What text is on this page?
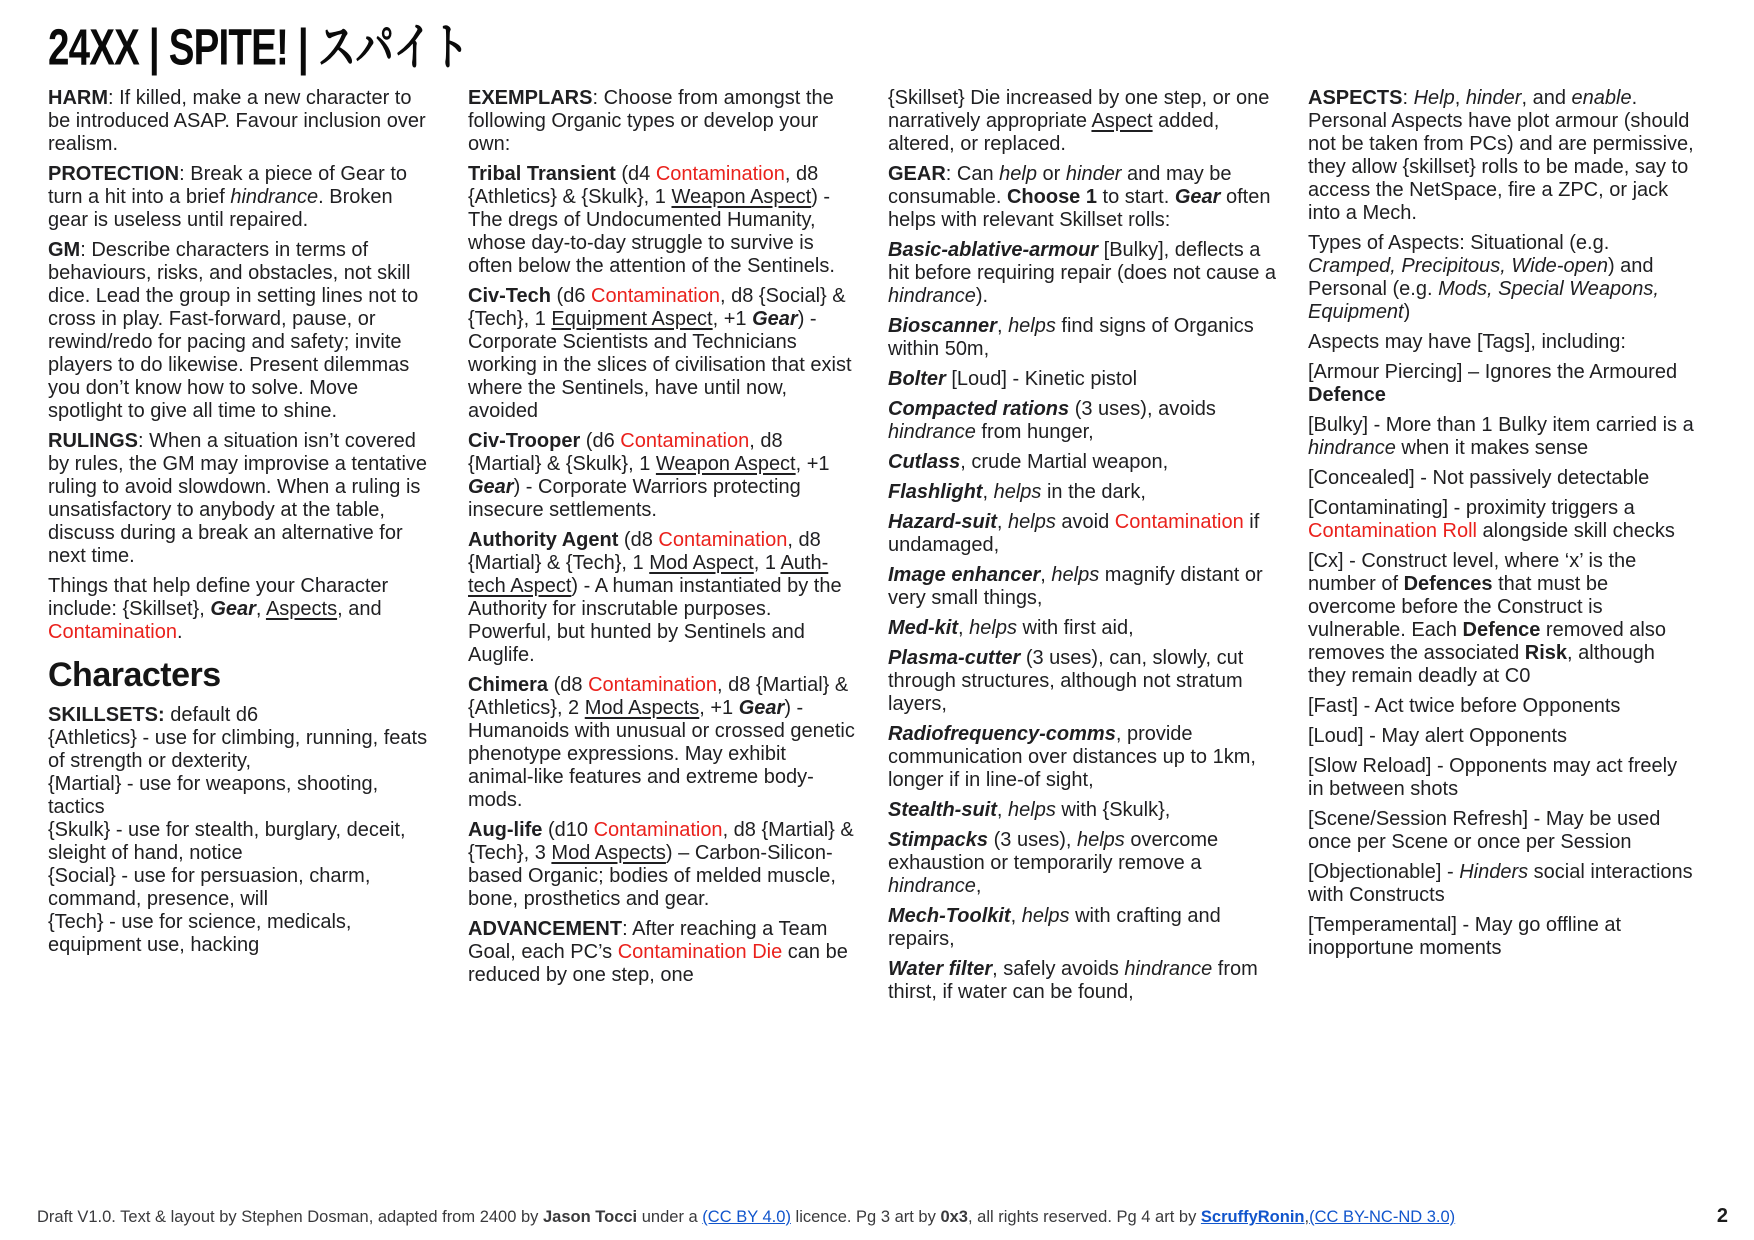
24XX | SPITE! | スパイト
HARM: If killed, make a new character to be introduced ASAP. Favour inclusion over realism.
PROTECTION: Break a piece of Gear to turn a hit into a brief hindrance. Broken gear is useless until repaired.
GM: Describe characters in terms of behaviours, risks, and obstacles, not skill dice. Lead the group in setting lines not to cross in play. Fast-forward, pause, or rewind/redo for pacing and safety; invite players to do likewise. Present dilemmas you don’t know how to solve. Move spotlight to give all time to shine.
RULINGS: When a situation isn’t covered by rules, the GM may improvise a tentative ruling to avoid slowdown. When a ruling is unsatisfactory to anybody at the table, discuss during a break an alternative for next time.
Things that help define your Character include: {Skillset}, Gear, Aspects, and Contamination.
Characters
SKILLSETS: default d6
{Athletics} - use for climbing, running, feats of strength or dexterity,
{Martial} - use for weapons, shooting, tactics
{Skulk} - use for stealth, burglary, deceit, sleight of hand, notice
{Social} - use for persuasion, charm, command, presence, will
{Tech} - use for science, medicals, equipment use, hacking
EXEMPLARS: Choose from amongst the following Organic types or develop your own:
Tribal Transient (d4 Contamination, d8 {Athletics} & {Skulk}, 1 Weapon Aspect) - The dregs of Undocumented Humanity, whose day-to-day struggle to survive is often below the attention of the Sentinels.
Civ-Tech (d6 Contamination, d8 {Social} & {Tech}, 1 Equipment Aspect, +1 Gear) - Corporate Scientists and Technicians working in the slices of civilisation that exist where the Sentinels, have until now, avoided
Civ-Trooper (d6 Contamination, d8 {Martial} & {Skulk}, 1 Weapon Aspect, +1 Gear) - Corporate Warriors protecting insecure settlements.
Authority Agent (d8 Contamination, d8 {Martial} & {Tech}, 1 Mod Aspect, 1 Auth-tech Aspect) - A human instantiated by the Authority for inscrutable purposes. Powerful, but hunted by Sentinels and Auglife.
Chimera (d8 Contamination, d8 {Martial} & {Athletics}, 2 Mod Aspects, +1 Gear) - Humanoids with unusual or crossed genetic phenotype expressions. May exhibit animal-like features and extreme body-mods.
Aug-life (d10 Contamination, d8 {Martial} & {Tech}, 3 Mod Aspects) – Carbon-Silicon-based Organic; bodies of melded muscle, bone, prosthetics and gear.
ADVANCEMENT: After reaching a Team Goal, each PC’s Contamination Die can be reduced by one step, one
{Skillset} Die increased by one step, or one narratively appropriate Aspect added, altered, or replaced.
GEAR: Can help or hinder and may be consumable. Choose 1 to start. Gear often helps with relevant Skillset rolls:
Basic-ablative-armour [Bulky], deflects a hit before requiring repair (does not cause a hindrance).
Bioscanner, helps find signs of Organics within 50m,
Bolter [Loud] - Kinetic pistol
Compacted rations (3 uses), avoids hindrance from hunger,
Cutlass, crude Martial weapon,
Flashlight, helps in the dark,
Hazard-suit, helps avoid Contamination if undamaged,
Image enhancer, helps magnify distant or very small things,
Med-kit, helps with first aid,
Plasma-cutter (3 uses), can, slowly, cut through structures, although not stratum layers,
Radiofrequency-comms, provide communication over distances up to 1km, longer if in line-of sight,
Stealth-suit, helps with {Skulk},
Stimpacks (3 uses), helps overcome exhaustion or temporarily remove a hindrance,
Mech-Toolkit, helps with crafting and repairs,
Water filter, safely avoids hindrance from thirst, if water can be found,
ASPECTS: Help, hinder, and enable. Personal Aspects have plot armour (should not be taken from PCs) and are permissive, they allow {skillset} rolls to be made, say to access the NetSpace, fire a ZPC, or jack into a Mech.
Types of Aspects: Situational (e.g. Cramped, Precipitous, Wide-open) and Personal (e.g. Mods, Special Weapons, Equipment)
Aspects may have [Tags], including:
[Armour Piercing] – Ignores the Armoured Defence
[Bulky] - More than 1 Bulky item carried is a hindrance when it makes sense
[Concealed] - Not passively detectable
[Contaminating] - proximity triggers a Contamination Roll alongside skill checks
[Cx] - Construct level, where ‘x’ is the number of Defences that must be overcome before the Construct is vulnerable. Each Defence removed also removes the associated Risk, although they remain deadly at C0
[Fast] - Act twice before Opponents
[Loud] - May alert Opponents
[Slow Reload] - Opponents may act freely in between shots
[Scene/Session Refresh] - May be used once per Scene or once per Session
[Objectionable] - Hinders social interactions with Constructs
[Temperamental] - May go offline at inopportune moments
Draft V1.0. Text & layout by Stephen Dosman, adapted from 2400 by Jason Tocci under a (CC BY 4.0) licence. Pg 3 art by 0x3, all rights reserved. Pg 4 art by ScruffyRonin,(CC BY-NC-ND 3.0)	2
